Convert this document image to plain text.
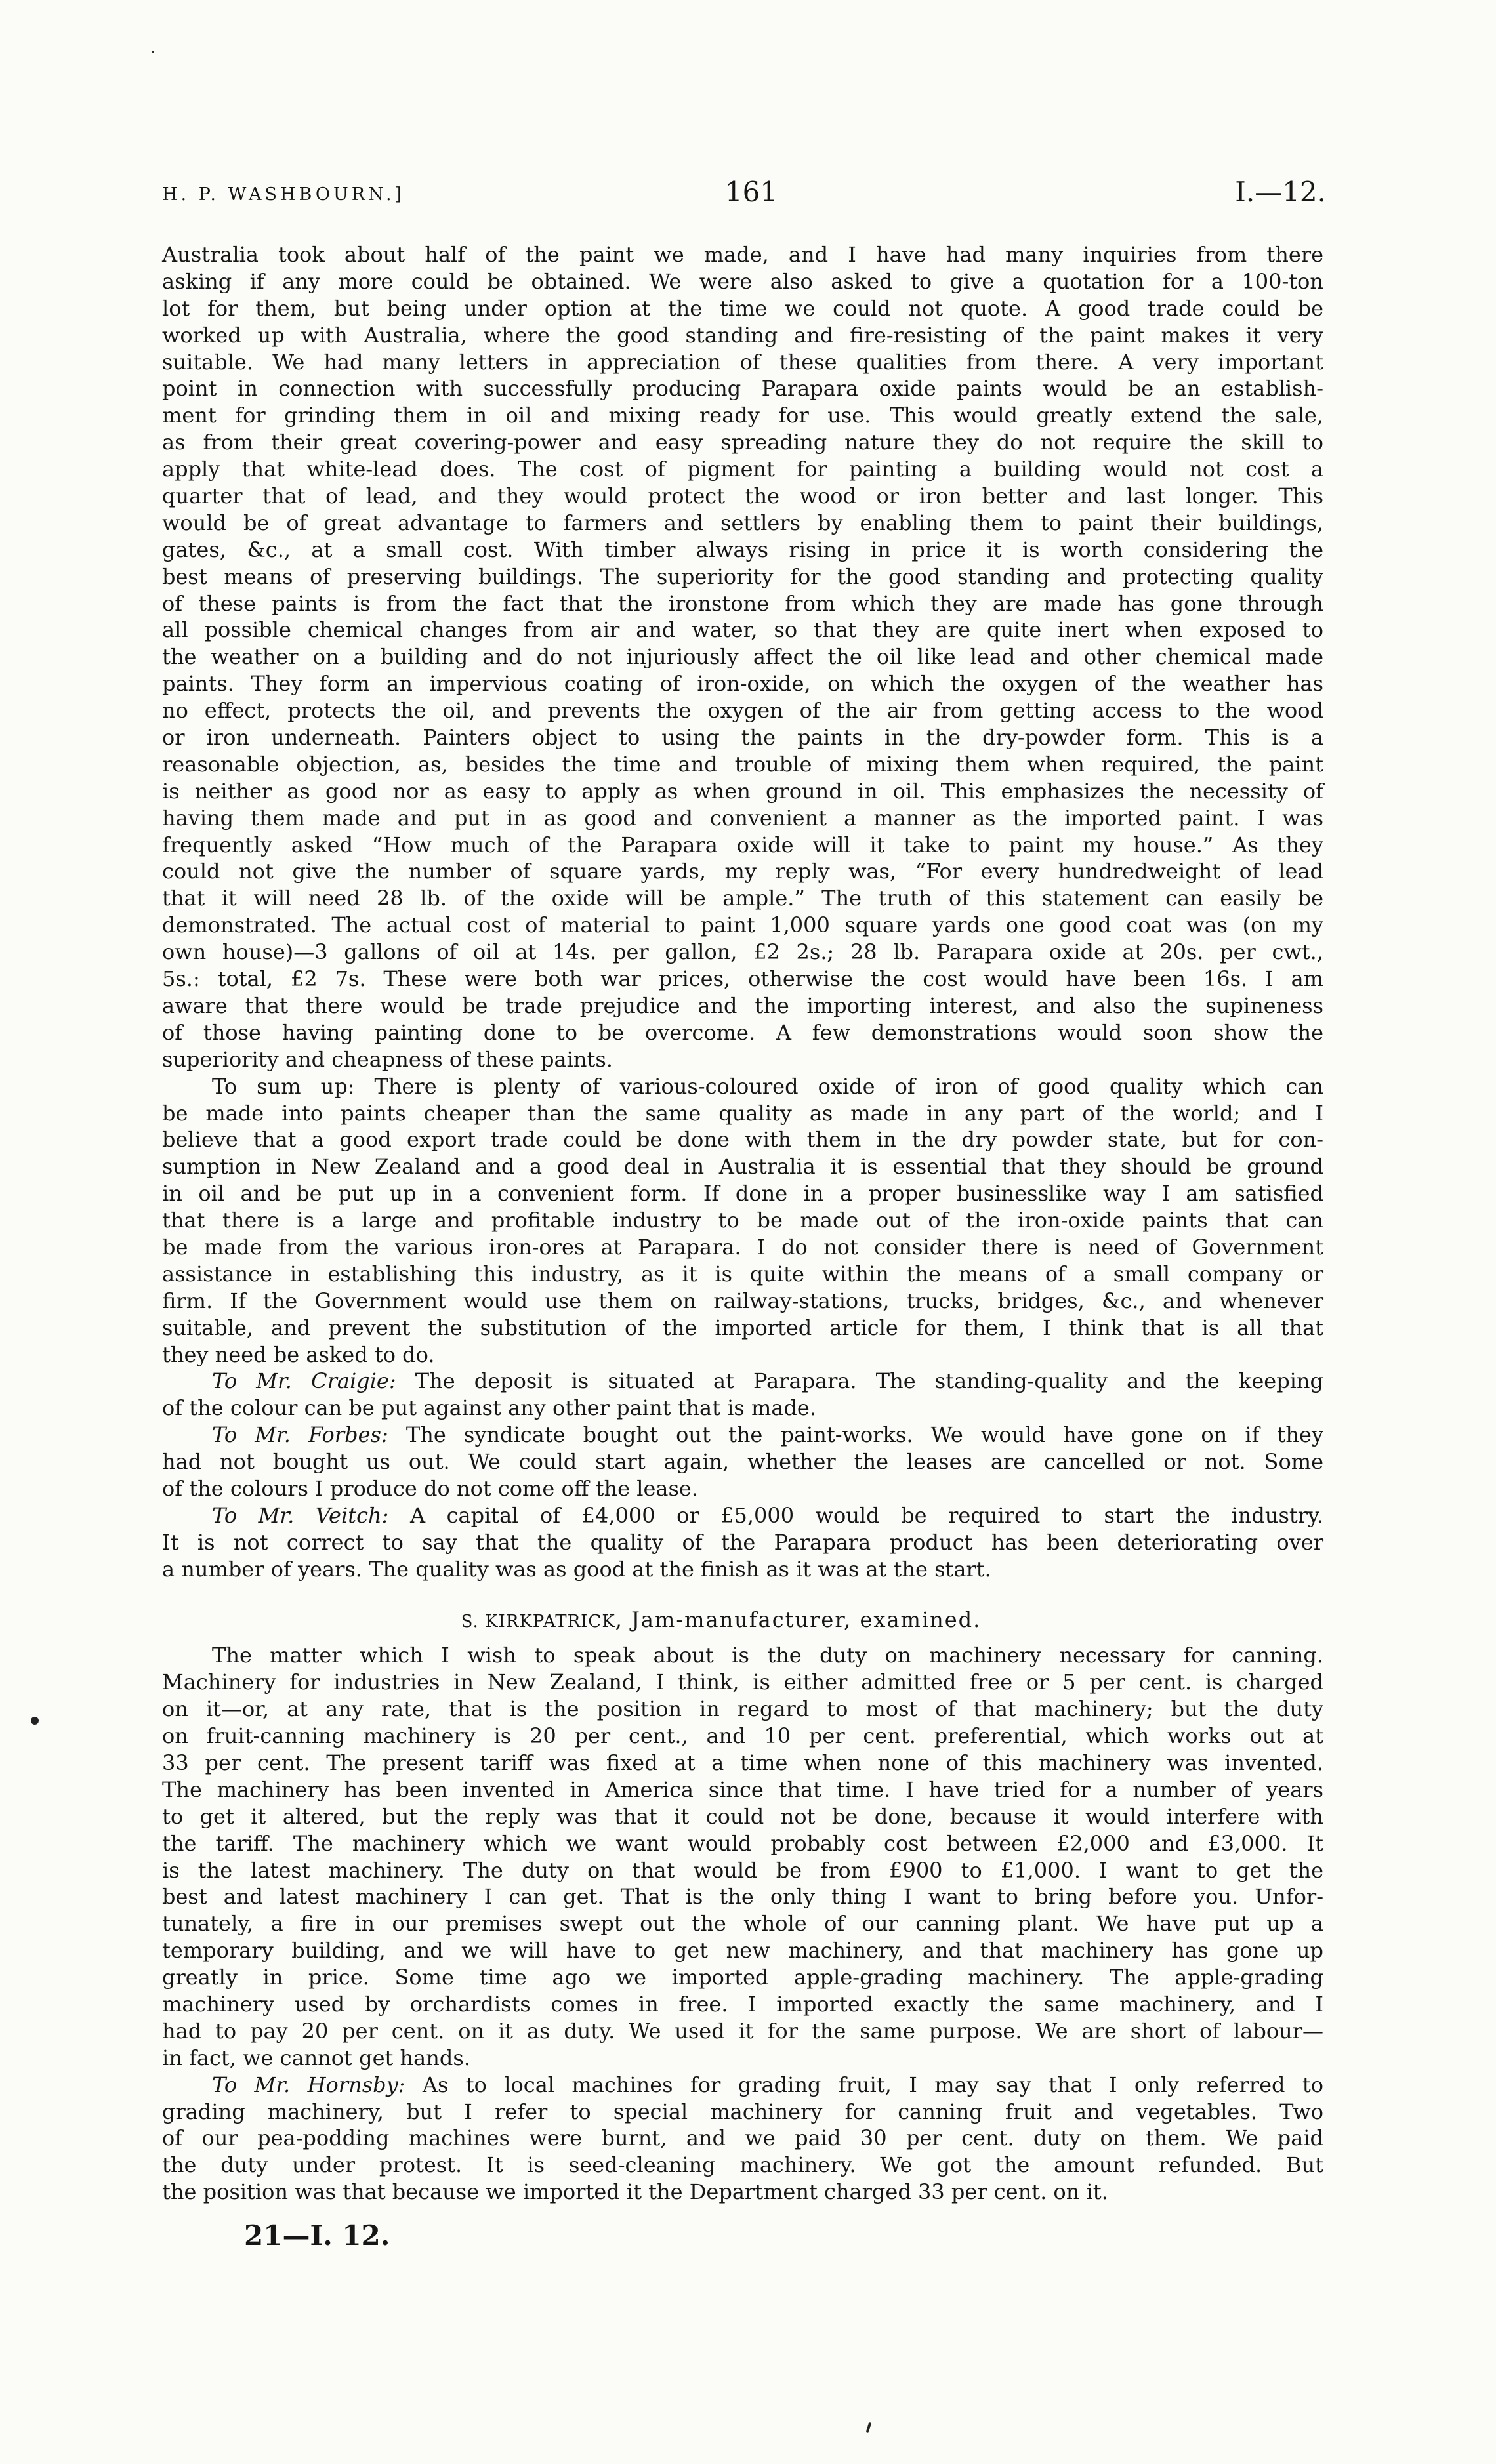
H. P. WASHBOURN.]	161	I.—12.
Australia took about half of the paint we made, and I have had many inquiries from there
asking if any more could be obtained. We were also asked to give a quotation for a 100-ton
lot for them, but being under option at the time we could not quote. A good trade could be
worked up with Australia, where the good standing and fire-resisting of the paint makes it very
suitable. We had many letters in appreciation of these qualities from there. A very important
point in connection with successfully producing Parapara oxide paints would be an establish-
ment for grinding them in oil and mixing ready for use. This would greatly extend the sale,
as from their great covering-power and easy spreading nature they do not require the skill to
apply that white-lead does. The cost of pigment for painting a building would not cost a
quarter that of lead, and they would protect the wood or iron better and last longer. This
would be of great advantage to farmers and settlers by enabling them to paint their buildings,
gates, &c., at a small cost. With timber always rising in price it is worth considering the
best means of preserving buildings. The superiority for the good standing and protecting quality
of these paints is from the fact that the ironstone from which they are made has gone through
all possible chemical changes from air and water, so that they are quite inert when exposed to
the weather on a building and do not injuriously affect the oil like lead and other chemical made
paints. They form an impervious coating of iron-oxide, on which the oxygen of the weather has
no effect, protects the oil, and prevents the oxygen of the air from getting access to the wood
or iron underneath. Painters object to using the paints in the dry-powder form. This is a
reasonable objection, as, besides the time and trouble of mixing them when required, the paint
is neither as good nor as easy to apply as when ground in oil. This emphasizes the necessity of
having them made and put in as good and convenient a manner as the imported paint. I was
frequently asked “How much of the Parapara oxide will it take to paint my house.” As they
could not give the number of square yards, my reply was, “For every hundredweight of lead
that it will need 28 lb. of the oxide will be ample.” The truth of this statement can easily be
demonstrated. The actual cost of material to paint 1,000 square yards one good coat was (on my
own house)—3 gallons of oil at 14s. per gallon, £2 2s.; 28 lb. Parapara oxide at 20s. per cwt.,
5s.: total, £2 7s. These were both war prices, otherwise the cost would have been 16s. I am
aware that there would be trade prejudice and the importing interest, and also the supineness
of those having painting done to be overcome. A few demonstrations would soon show the
superiority and cheapness of these paints.
To sum up: There is plenty of various-coloured oxide of iron of good quality which can
be made into paints cheaper than the same quality as made in any part of the world; and I
believe that a good export trade could be done with them in the dry powder state, but for con-
sumption in New Zealand and a good deal in Australia it is essential that they should be ground
in oil and be put up in a convenient form. If done in a proper businesslike way I am satisfied
that there is a large and profitable industry to be made out of the iron-oxide paints that can
be made from the various iron-ores at Parapara. I do not consider there is need of Government
assistance in establishing this industry, as it is quite within the means of a small company or
firm. If the Government would use them on railway-stations, trucks, bridges, &c., and whenever
suitable, and prevent the substitution of the imported article for them, I think that is all that
they need be asked to do.
To Mr. Craigie: The deposit is situated at Parapara. The standing-quality and the keeping
of the colour can be put against any other paint that is made.
To Mr. Forbes: The syndicate bought out the paint-works. We would have gone on if they
had not bought us out. We could start again, whether the leases are cancelled or not. Some
of the colours I produce do not come off the lease.
To Mr. Veitch: A capital of £4,000 or £5,000 would be required to start the industry.
It is not correct to say that the quality of the Parapara product has been deteriorating over
a number of years. The quality was as good at the finish as it was at the start.
S. KIRKPATRICK, Jam-manufacturer, examined.
The matter which I wish to speak about is the duty on machinery necessary for canning.
Machinery for industries in New Zealand, I think, is either admitted free or 5 per cent. is charged
on it—or, at any rate, that is the position in regard to most of that machinery; but the duty
on fruit-canning machinery is 20 per cent., and 10 per cent. preferential, which works out at
33 per cent. The present tariff was fixed at a time when none of this machinery was invented.
The machinery has been invented in America since that time. I have tried for a number of years
to get it altered, but the reply was that it could not be done, because it would interfere with
the tariff. The machinery which we want would probably cost between £2,000 and £3,000. It
is the latest machinery. The duty on that would be from £900 to £1,000. I want to get the
best and latest machinery I can get. That is the only thing I want to bring before you. Unfor-
tunately, a fire in our premises swept out the whole of our canning plant. We have put up a
temporary building, and we will have to get new machinery, and that machinery has gone up
greatly in price. Some time ago we imported apple-grading machinery. The apple-grading
machinery used by orchardists comes in free. I imported exactly the same machinery, and I
had to pay 20 per cent. on it as duty. We used it for the same purpose. We are short of labour—
in fact, we cannot get hands.
To Mr. Hornsby: As to local machines for grading fruit, I may say that I only referred to
grading machinery, but I refer to special machinery for canning fruit and vegetables. Two
of our pea-podding machines were burnt, and we paid 30 per cent. duty on them. We paid
the duty under protest. It is seed-cleaning machinery. We got the amount refunded. But
the position was that because we imported it the Department charged 33 per cent. on it.
21—I. 12.
